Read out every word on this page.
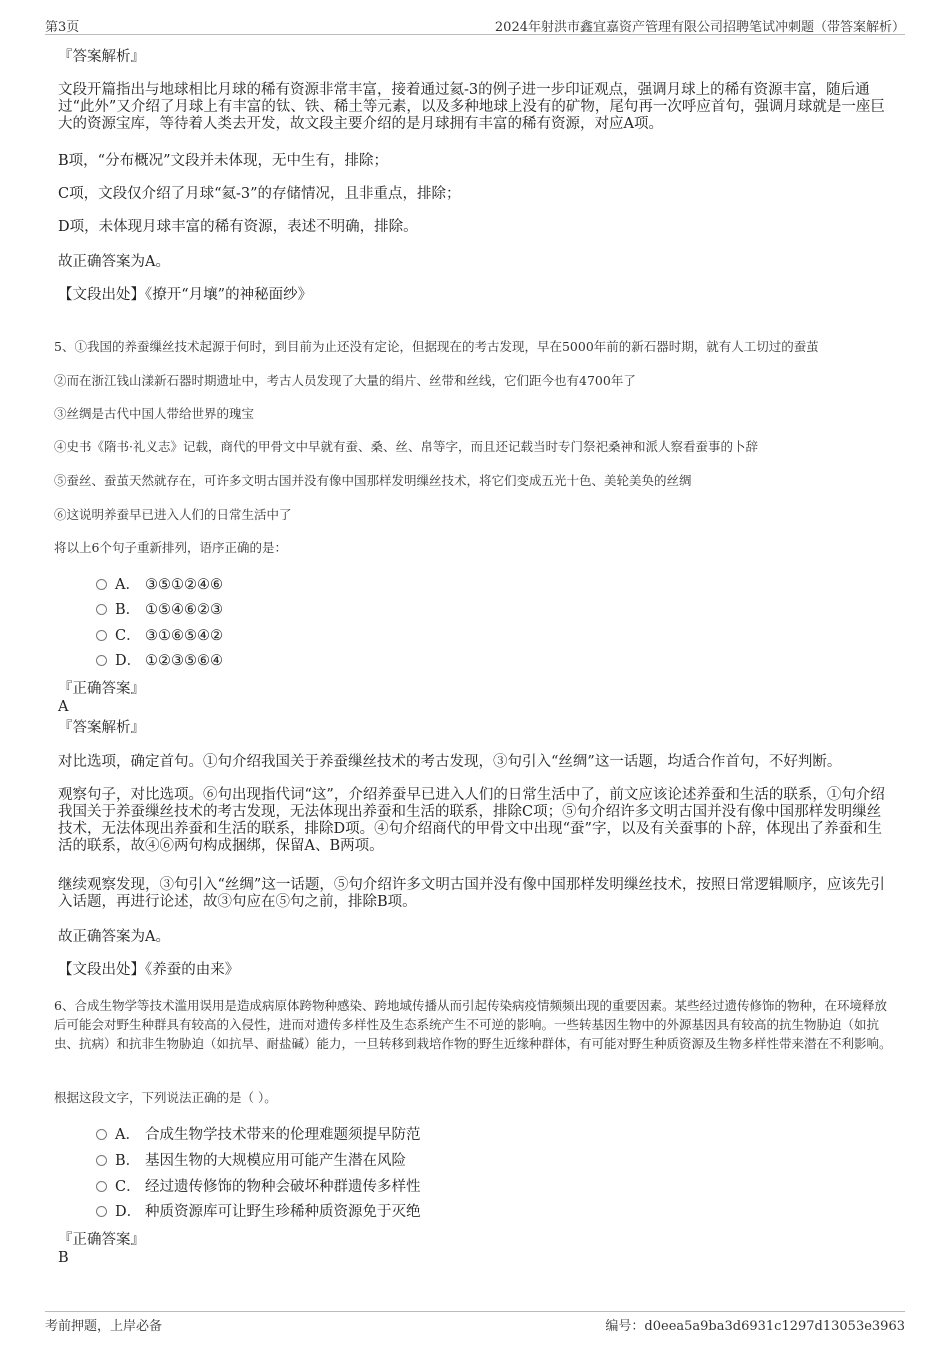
第3页	2024年射洪市鑫宜嘉资产管理有限公司招聘笔试冲刺题（带答案解析）
『答案解析』
文段开篇指出与地球相比月球的稀有资源非常丰富，接着通过氦-3的例子进一步印证观点，强调月球上的稀有资源丰富，随后通过“此外”又介绍了月球上有丰富的钛、铁、稀土等元素，以及多种地球上没有的矿物，尾句再一次呼应首句，强调月球就是一座巨大的资源宝库，等待着人类去开发，故文段主要介绍的是月球拥有丰富的稀有资源，对应A项。
B项，“分布概况”文段并未体现，无中生有，排除；
C项，文段仅介绍了月球“氦-3”的存储情况，且非重点，排除；
D项，未体现月球丰富的稀有资源，表述不明确，排除。
故正确答案为A。
【文段出处】《撩开“月壤”的神秘面纱》
5、①我国的养蚕缫丝技术起源于何时，到目前为止还没有定论，但据现在的考古发现，早在5000年前的新石器时期，就有人工切过的蚕茧
②而在浙江钱山漾新石器时期遗址中，考古人员发现了大量的绢片、丝带和丝线，它们距今也有4700年了
③丝绸是古代中国人带给世界的瑰宝
④史书《隋书·礼义志》记载，商代的甲骨文中早就有蚕、桑、丝、帛等字，而且还记载当时专门祭祀桑神和派人察看蚕事的卜辞
⑤蚕丝、蚕茧天然就存在，可许多文明古国并没有像中国那样发明缫丝技术，将它们变成五光十色、美轮美奂的丝绸
⑥这说明养蚕早已进入人们的日常生活中了
将以上6个句子重新排列，语序正确的是：
A． ③⑤①②④⑥
B． ①⑤④⑥②③
C． ③①⑥⑤④②
D． ①②③⑤⑥④
『正确答案』
A
『答案解析』
对比选项，确定首句。①句介绍我国关于养蚕缫丝技术的考古发现，③句引入“丝绸”这一话题，均适合作首句，不好判断。
观察句子，对比选项。⑥句出现指代词“这”，介绍养蚕早已进入人们的日常生活中了，前文应该论述养蚕和生活的联系，①句介绍我国关于养蚕缫丝技术的考古发现，无法体现出养蚕和生活的联系，排除C项；⑤句介绍许多文明古国并没有像中国那样发明缫丝技术，无法体现出养蚕和生活的联系，排除D项。④句介绍商代的甲骨文中出现“蚕”字，以及有关蚕事的卜辞，体现出了养蚕和生活的联系，故④⑥两句构成捆绑，保留A、B两项。
继续观察发现，③句引入“丝绸”这一话题，⑤句介绍许多文明古国并没有像中国那样发明缫丝技术，按照日常逻辑顺序，应该先引入话题，再进行论述，故③句应在⑤句之前，排除B项。
故正确答案为A。
【文段出处】《养蚕的由来》
6、合成生物学等技术滥用误用是造成病原体跨物种感染、跨地域传播从而引起传染病疫情频频出现的重要因素。某些经过遗传修饰的物种，在环境释放后可能会对野生种群具有较高的入侵性，进而对遗传多样性及生态系统产生不可逆的影响。一些转基因生物中的外源基因具有较高的抗生物胁迫（如抗虫、抗病）和抗非生物胁迫（如抗旱、耐盐碱）能力，一旦转移到栽培作物的野生近缘种群体，有可能对野生种质资源及生物多样性带来潜在不利影响。
根据这段文字，下列说法正确的是（ ）。
A． 合成生物学技术带来的伦理难题须提早防范
B． 基因生物的大规模应用可能产生潜在风险
C． 经过遗传修饰的物种会破坏种群遗传多样性
D． 种质资源库可让野生珍稀种质资源免于灭绝
『正确答案』
B
考前押题，上岸必备	编号：d0eea5a9ba3d6931c1297d13053e3963
